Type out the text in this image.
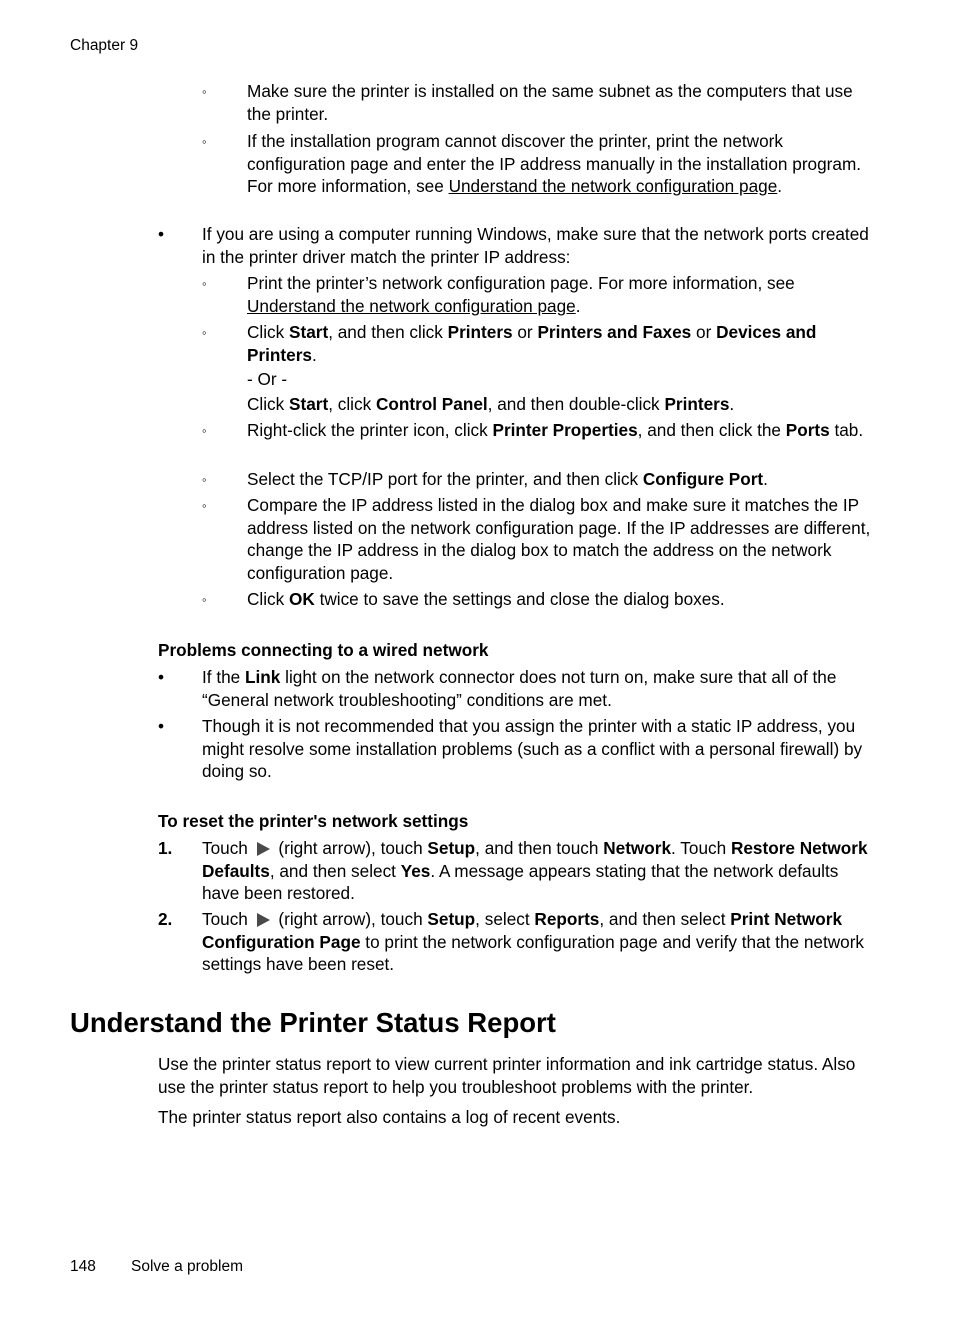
Chapter 9
◦ Make sure the printer is installed on the same subnet as the computers that use the printer.
◦ If the installation program cannot discover the printer, print the network configuration page and enter the IP address manually in the installation program. For more information, see Understand the network configuration page.
• If you are using a computer running Windows, make sure that the network ports created in the printer driver match the printer IP address:
◦ Print the printer’s network configuration page. For more information, see Understand the network configuration page.
◦ Click Start, and then click Printers or Printers and Faxes or Devices and Printers.
- Or -
Click Start, click Control Panel, and then double-click Printers.
◦ Right-click the printer icon, click Printer Properties, and then click the Ports tab.
◦ Select the TCP/IP port for the printer, and then click Configure Port.
◦ Compare the IP address listed in the dialog box and make sure it matches the IP address listed on the network configuration page. If the IP addresses are different, change the IP address in the dialog box to match the address on the network configuration page.
◦ Click OK twice to save the settings and close the dialog boxes.
Problems connecting to a wired network
• If the Link light on the network connector does not turn on, make sure that all of the “General network troubleshooting” conditions are met.
• Though it is not recommended that you assign the printer with a static IP address, you might resolve some installation problems (such as a conflict with a personal firewall) by doing so.
To reset the printer's network settings
1. Touch  (right arrow), touch Setup, and then touch Network. Touch Restore Network Defaults, and then select Yes. A message appears stating that the network defaults have been restored.
2. Touch  (right arrow), touch Setup, select Reports, and then select Print Network Configuration Page to print the network configuration page and verify that the network settings have been reset.
Understand the Printer Status Report
Use the printer status report to view current printer information and ink cartridge status. Also use the printer status report to help you troubleshoot problems with the printer.
The printer status report also contains a log of recent events.
148 Solve a problem
